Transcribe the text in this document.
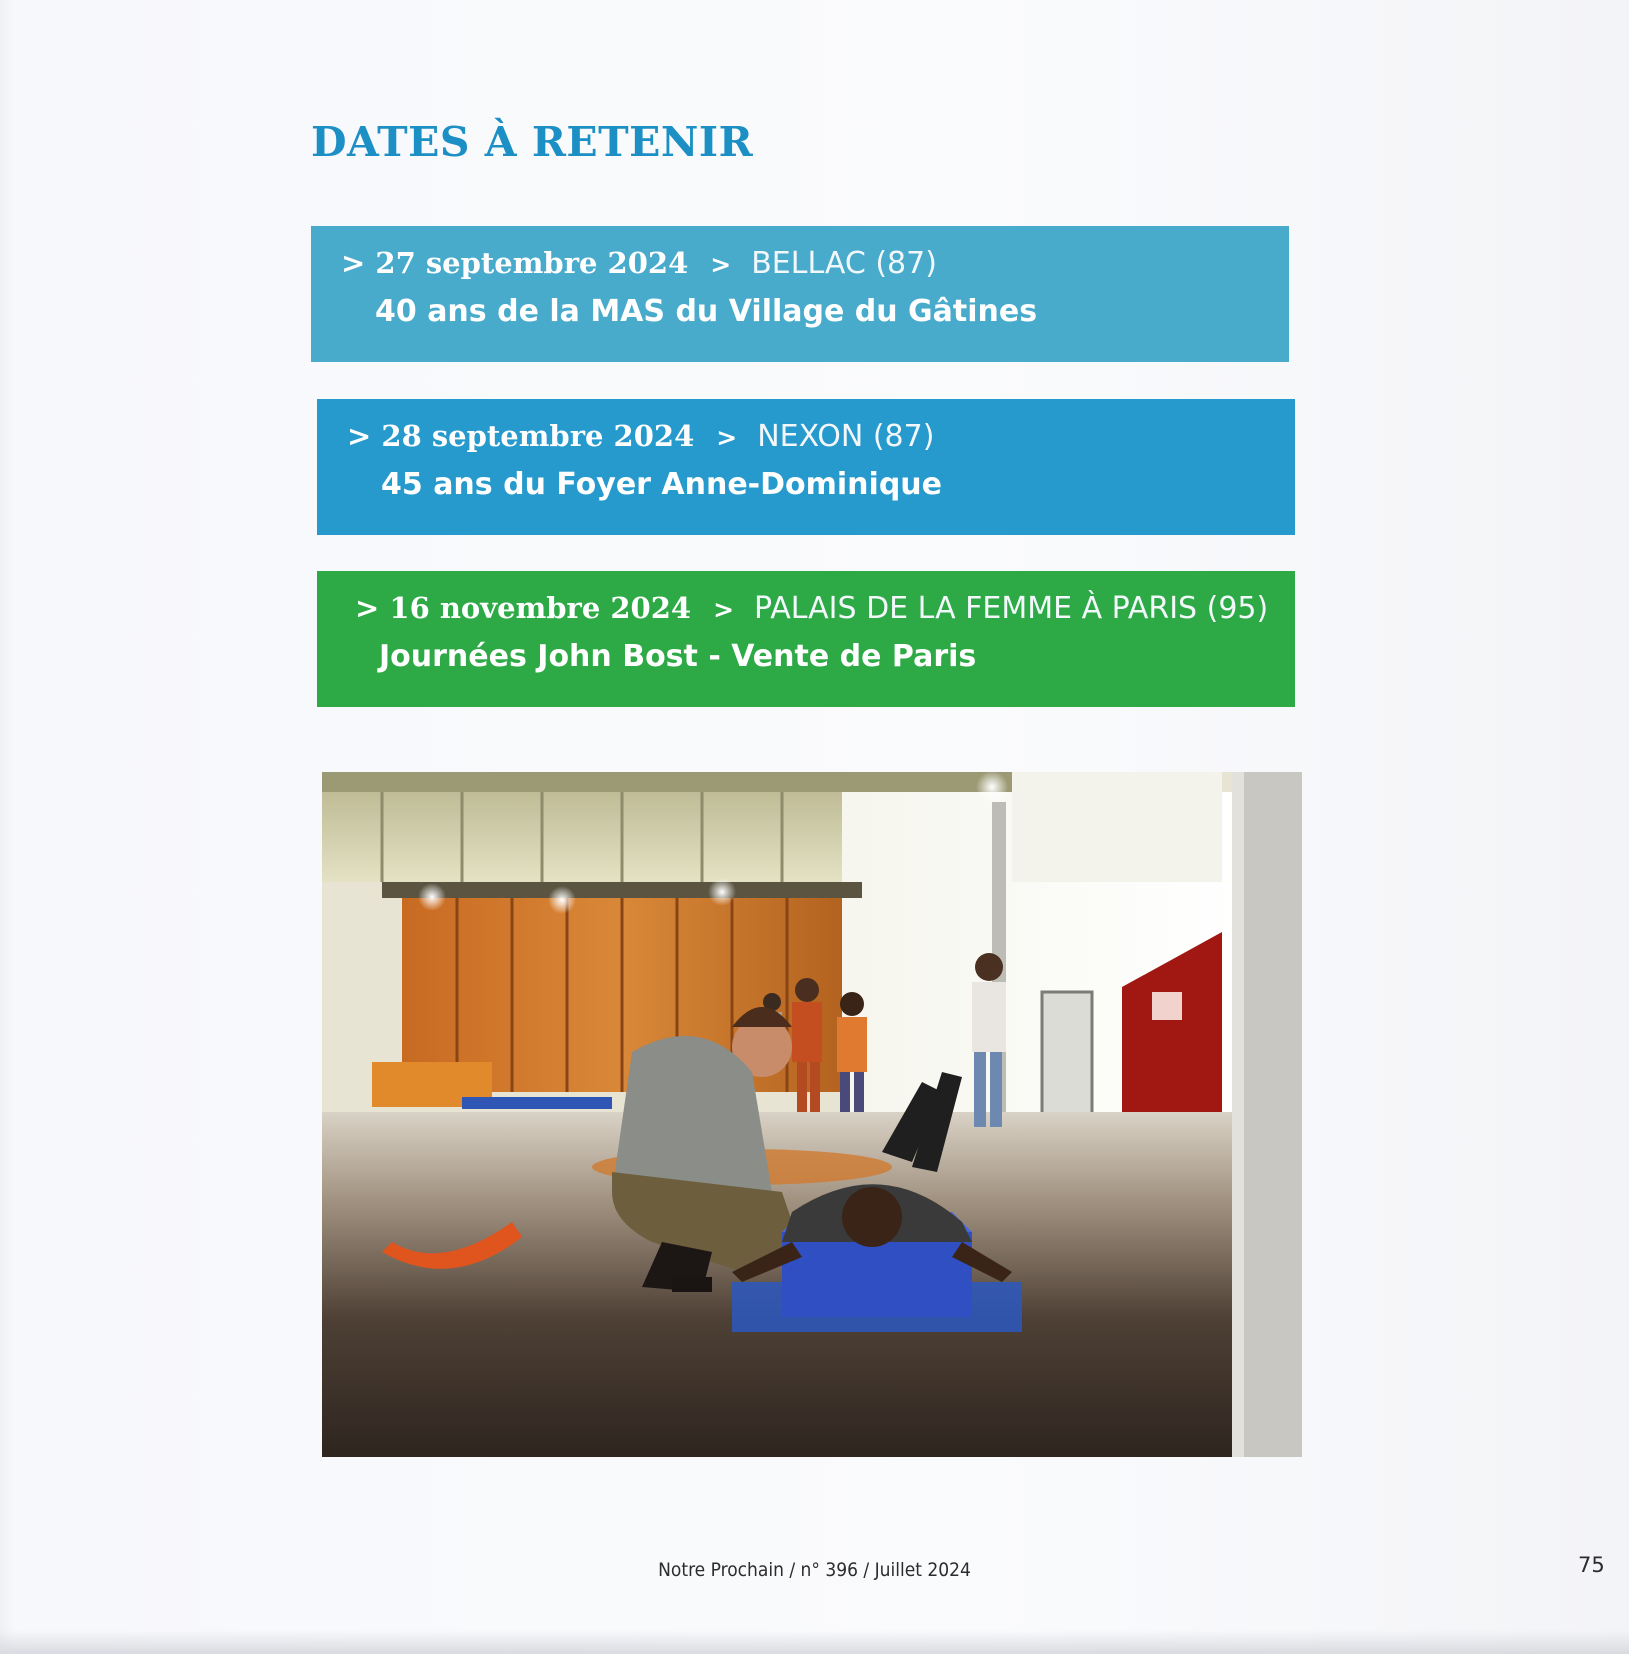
DATES À RETENIR
> 27 septembre 2024 > BELLAC (87)
40 ans de la MAS du Village du Gâtines
> 28 septembre 2024 > NEXON (87)
45 ans du Foyer Anne-Dominique
> 16 novembre 2024 > PALAIS DE LA FEMME À PARIS (95)
Journées John Bost - Vente de Paris
Notre Prochain / n° 396 / Juillet 2024	75
